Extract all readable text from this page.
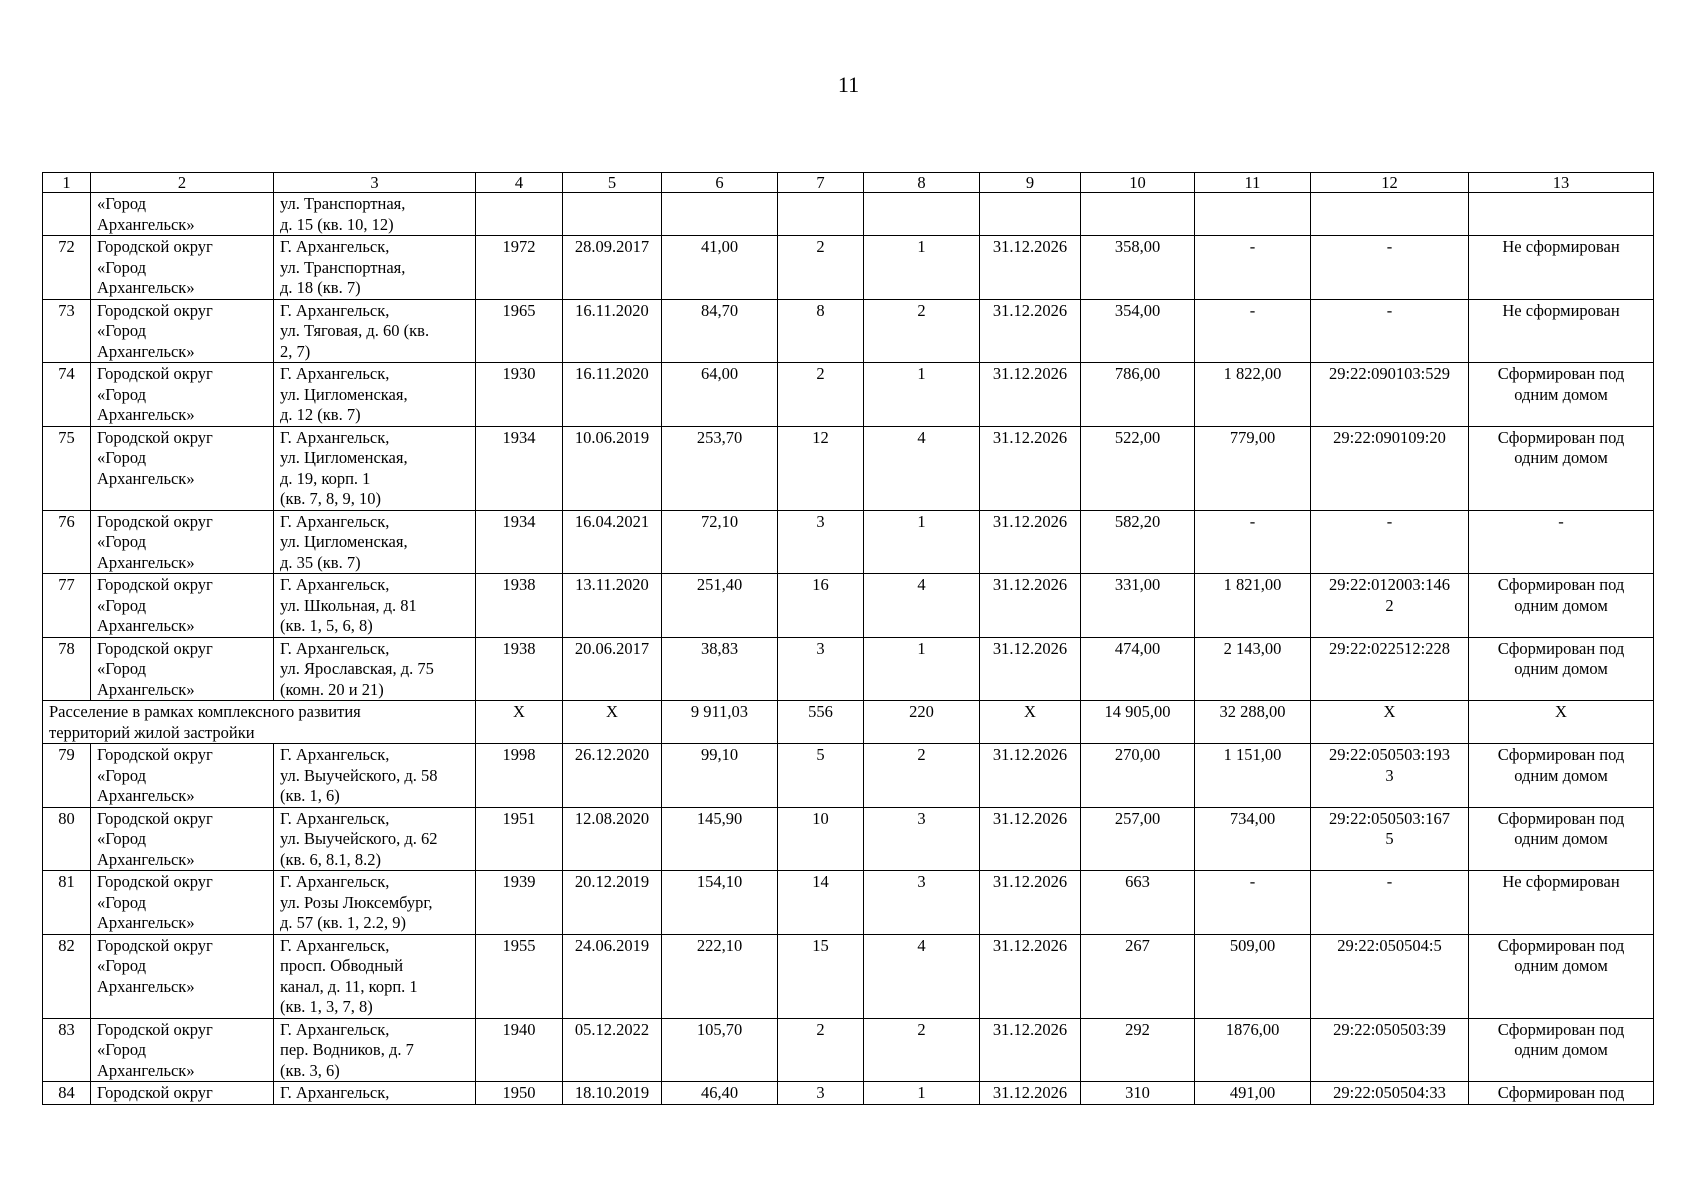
11
1	2	3	4	5	6	7	8	9	10	11	12	13

	«Город
Архангельск»	ул. Транспортная,
д. 15 (кв. 10, 12)										

72	Городской округ
«Город
Архангельск»	Г. Архангельск,
ул. Транспортная,
д. 18 (кв. 7)	1972	28.09.2017	41,00	2	1	31.12.2026	358,00	-	-	Не сформирован

73	Городской округ
«Город
Архангельск»	Г. Архангельск,
ул. Тяговая, д. 60 (кв.
2, 7)	1965	16.11.2020	84,70	8	2	31.12.2026	354,00	-	-	Не сформирован

74	Городской округ
«Город
Архангельск»	Г. Архангельск,
ул. Цигломенская,
д. 12 (кв. 7)	1930	16.11.2020	64,00	2	1	31.12.2026	786,00	1 822,00	29:22:090103:529	Сформирован под
одним домом

75	Городской округ
«Город
Архангельск»	Г. Архангельск,
ул. Цигломенская,
д. 19, корп. 1
(кв. 7, 8, 9, 10)	1934	10.06.2019	253,70	12	4	31.12.2026	522,00	779,00	29:22:090109:20	Сформирован под
одним домом

76	Городской округ
«Город
Архангельск»	Г. Архангельск,
ул. Цигломенская,
д. 35 (кв. 7)	1934	16.04.2021	72,10	3	1	31.12.2026	582,20	-	-	-

77	Городской округ
«Город
Архангельск»	Г. Архангельск,
ул. Школьная, д. 81
(кв. 1, 5, 6, 8)	1938	13.11.2020	251,40	16	4	31.12.2026	331,00	1 821,00	29:22:012003:146
2	Сформирован под
одним домом

78	Городской округ
«Город
Архангельск»	Г. Архангельск,
ул. Ярославская, д. 75
(комн. 20 и 21)	1938	20.06.2017	38,83	3	1	31.12.2026	474,00	2 143,00	29:22:022512:228	Сформирован под
одним домом

Расселение в рамках комплексного развития
территорий жилой застройки			X	X	9 911,03	556	220	X	14 905,00	32 288,00	X	X

79	Городской округ
«Город
Архангельск»	Г. Архангельск,
ул. Выучейского, д. 58
(кв. 1, 6)	1998	26.12.2020	99,10	5	2	31.12.2026	270,00	1 151,00	29:22:050503:193
3	Сформирован под
одним домом

80	Городской округ
«Город
Архангельск»	Г. Архангельск,
ул. Выучейского, д. 62
(кв. 6, 8.1, 8.2)	1951	12.08.2020	145,90	10	3	31.12.2026	257,00	734,00	29:22:050503:167
5	Сформирован под
одним домом

81	Городской округ
«Город
Архангельск»	Г. Архангельск,
ул. Розы Люксембург,
д. 57 (кв. 1, 2.2, 9)	1939	20.12.2019	154,10	14	3	31.12.2026	663	-	-	Не сформирован

82	Городской округ
«Город
Архангельск»	Г. Архангельск,
просп. Обводный
канал, д. 11, корп. 1
(кв. 1, 3, 7, 8)	1955	24.06.2019	222,10	15	4	31.12.2026	267	509,00	29:22:050504:5	Сформирован под
одним домом

83	Городской округ
«Город
Архангельск»	Г. Архангельск,
пер. Водников, д. 7
(кв. 3, 6)	1940	05.12.2022	105,70	2	2	31.12.2026	292	1876,00	29:22:050503:39	Сформирован под
одним домом

84	Городской округ	Г. Архангельск,	1950	18.10.2019	46,40	3	1	31.12.2026	310	491,00	29:22:050504:33	Сформирован под
